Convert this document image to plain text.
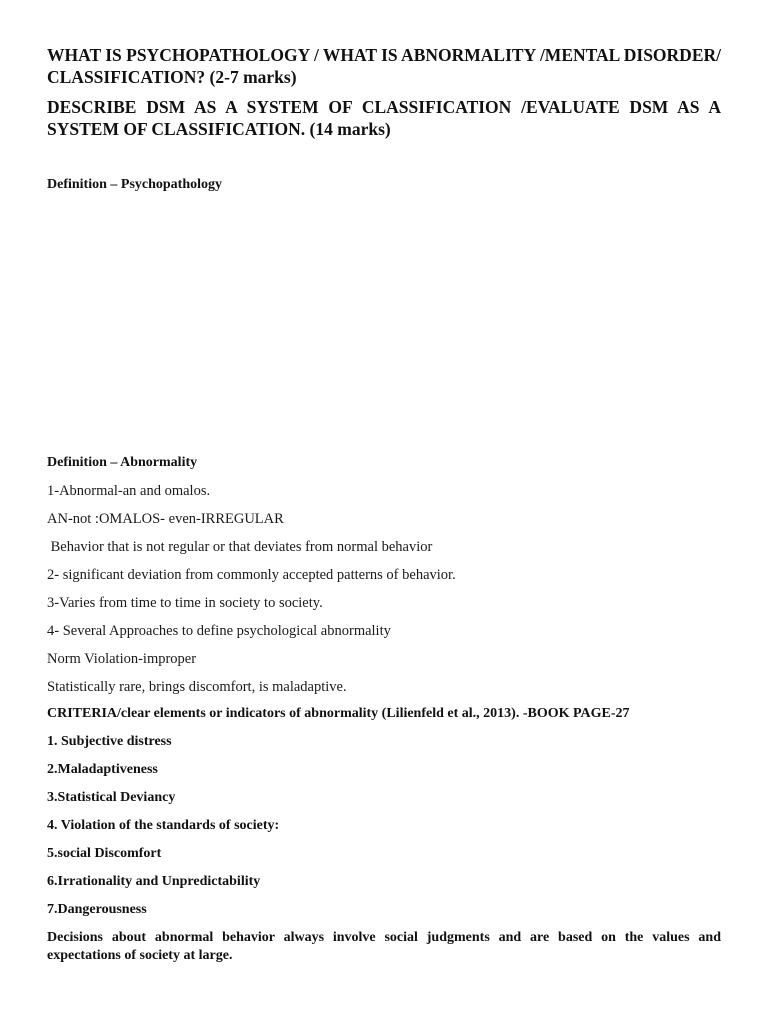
WHAT IS PSYCHOPATHOLOGY / WHAT IS ABNORMALITY /MENTAL DISORDER/ CLASSIFICATION? (2-7 marks)

DESCRIBE DSM AS A SYSTEM OF CLASSIFICATION /EVALUATE DSM AS A SYSTEM OF CLASSIFICATION. (14 marks)

Definition – Psychopathology

Definition – Abnormality

1-Abnormal-an and omalos.

AN-not :OMALOS- even-IRREGULAR

Behavior that is not regular or that deviates from normal behavior

2- significant deviation from commonly accepted patterns of behavior.

3-Varies from time to time in society to society.

4- Several Approaches to define psychological abnormality

Norm Violation-improper

Statistically rare, brings discomfort, is maladaptive.

CRITERIA/clear elements or indicators of abnormality (Lilienfeld et al., 2013). -BOOK PAGE-27

1. Subjective distress

2.Maladaptiveness

3.Statistical Deviancy

4. Violation of the standards of society:

5.social Discomfort

6.Irrationality and Unpredictability

7.Dangerousness

Decisions about abnormal behavior always involve social judgments and are based on the values and expectations of society at large.
